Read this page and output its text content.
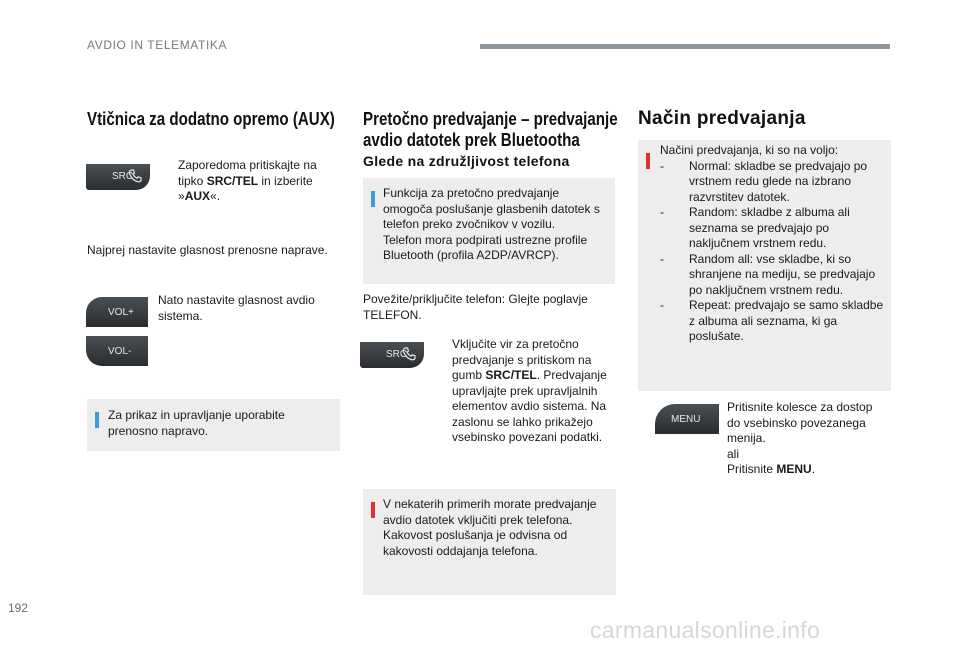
AVDIO IN TELEMATIKA
Vtičnica za dodatno opremo (AUX)
SRC
Zaporedoma pritiskajte na tipko SRC/TEL in izberite »AUX«.
Najprej nastavite glasnost prenosne naprave.
VOL+
VOL-
Nato nastavite glasnost avdio sistema.
Za prikaz in upravljanje uporabite prenosno napravo.
Pretočno predvajanje – predvajanje
avdio datotek prek Bluetootha
Glede na združljivost telefona
Funkcija za pretočno predvajanje omogoča poslušanje glasbenih datotek s telefon preko zvočnikov v vozilu.
Telefon mora podpirati ustrezne profile Bluetooth (profila A2DP/AVRCP).
Povežite/priključite telefon: Glejte poglavje TELEFON.
SRC
Vključite vir za pretočno predvajanje s pritiskom na gumb SRC/TEL. Predvajanje upravljajte prek upravljalnih elementov avdio sistema. Na zaslonu se lahko prikažejo vsebinsko povezani podatki.
V nekaterih primerih morate predvajanje avdio datotek vključiti prek telefona.
Kakovost poslušanja je odvisna od kakovosti oddajanja telefona.
Način predvajanja
Načini predvajanja, ki so na voljo:
- Normal: skladbe se predvajajo po vrstnem redu glede na izbrano razvrstitev datotek.
- Random: skladbe z albuma ali seznama se predvajajo po naključnem vrstnem redu.
- Random all: vse skladbe, ki so shranjene na mediju, se predvajajo po naključnem vrstnem redu.
- Repeat: predvajajo se samo skladbe z albuma ali seznama, ki ga poslušate.
MENU
Pritisnite kolesce za dostop do vsebinsko povezanega menija.
ali
Pritisnite MENU.
192
carmanualsonline.info
